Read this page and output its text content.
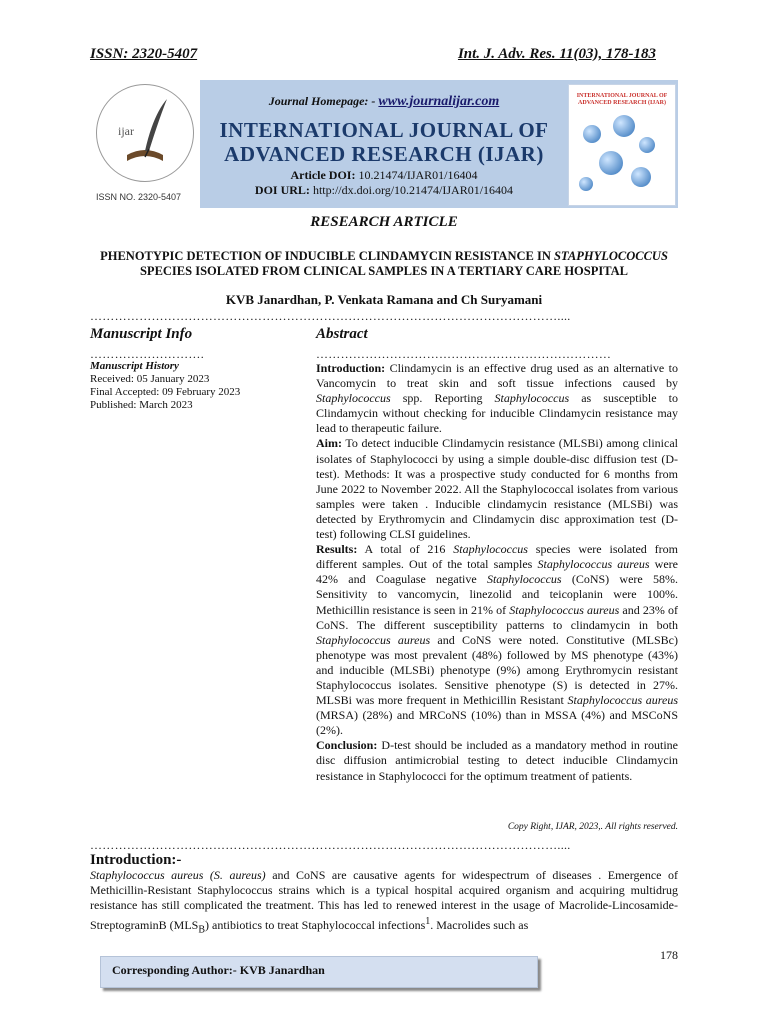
ISSN: 2320-5407	Int. J. Adv. Res. 11(03), 178-183
ijar
ISSN NO. 2320-5407
Journal Homepage: - www.journalijar.com
INTERNATIONAL JOURNAL OF ADVANCED RESEARCH (IJAR)
Article DOI: 10.21474/IJAR01/16404
DOI URL: http://dx.doi.org/10.21474/IJAR01/16404
INTERNATIONAL JOURNAL OF ADVANCED RESEARCH (IJAR)
RESEARCH ARTICLE
PHENOTYPIC DETECTION OF INDUCIBLE CLINDAMYCIN RESISTANCE IN STAPHYLOCOCCUS SPECIES ISOLATED FROM CLINICAL SAMPLES IN A TERTIARY CARE HOSPITAL
KVB Janardhan, P. Venkata Ramana and Ch Suryamani
……………………………………………………………………………………………………....
Manuscript Info
……………………….
Manuscript History
Received: 05 January 2023
Final Accepted: 09 February 2023
Published: March 2023
Abstract
………………………………………………………………

Introduction: Clindamycin is an effective drug used as an alternative to Vancomycin to treat skin and soft tissue infections caused by Staphylococcus spp. Reporting Staphylococcus as susceptible to Clindamycin without checking for inducible Clindamycin resistance may lead to therapeutic failure.

Aim: To detect inducible Clindamycin resistance (MLSBi) among clinical isolates of Staphylococci by using a simple double-disc diffusion test (D-test). Methods: It was a prospective study conducted for 6 months from June 2022 to November 2022. All the Staphylococcal isolates from various samples were taken . Inducible clindamycin resistance (MLSBi) was detected by Erythromycin and Clindamycin disc approximation test (D-test) following CLSI guidelines.

Results: A total of 216 Staphylococcus species were isolated from different samples. Out of the total samples Staphylococcus aureus were 42% and Coagulase negative Staphylococcus (CoNS) were 58%. Sensitivity to vancomycin, linezolid and teicoplanin were 100%. Methicillin resistance is seen in 21% of Staphylococcus aureus and 23% of CoNS. The different susceptibility patterns to clindamycin in both Staphylococcus aureus and CoNS were noted. Constitutive (MLSBc) phenotype was most prevalent (48%) followed by MS phenotype (43%) and inducible (MLSBi) phenotype (9%) among Erythromycin resistant Staphylococcus isolates. Sensitive phenotype (S) is detected in 27%. MLSBi was more frequent in Methicillin Resistant Staphylococcus aureus (MRSA) (28%) and MRCoNS (10%) than in MSSA (4%) and MSCoNS (2%).

Conclusion: D-test should be included as a mandatory method in routine disc diffusion antimicrobial testing to detect inducible Clindamycin resistance in Staphylococci for the optimum treatment of patients.

Copy Right, IJAR, 2023,. All rights reserved.
……………………………………………………………………………………………………....
Introduction:-
Staphylococcus aureus (S. aureus) and CoNS are causative agents for widespectrum of diseases . Emergence of Methicillin-Resistant Staphylococcus strains which is a typical hospital acquired organism and acquiring multidrug resistance has still complicated the treatment. This has led to renewed interest in the usage of Macrolide-Lincosamide- StreptograminB $(MLS_B)$ antibiotics to treat Staphylococcal infections$^1$. Macrolides such as
178
Corresponding Author:- KVB Janardhan
